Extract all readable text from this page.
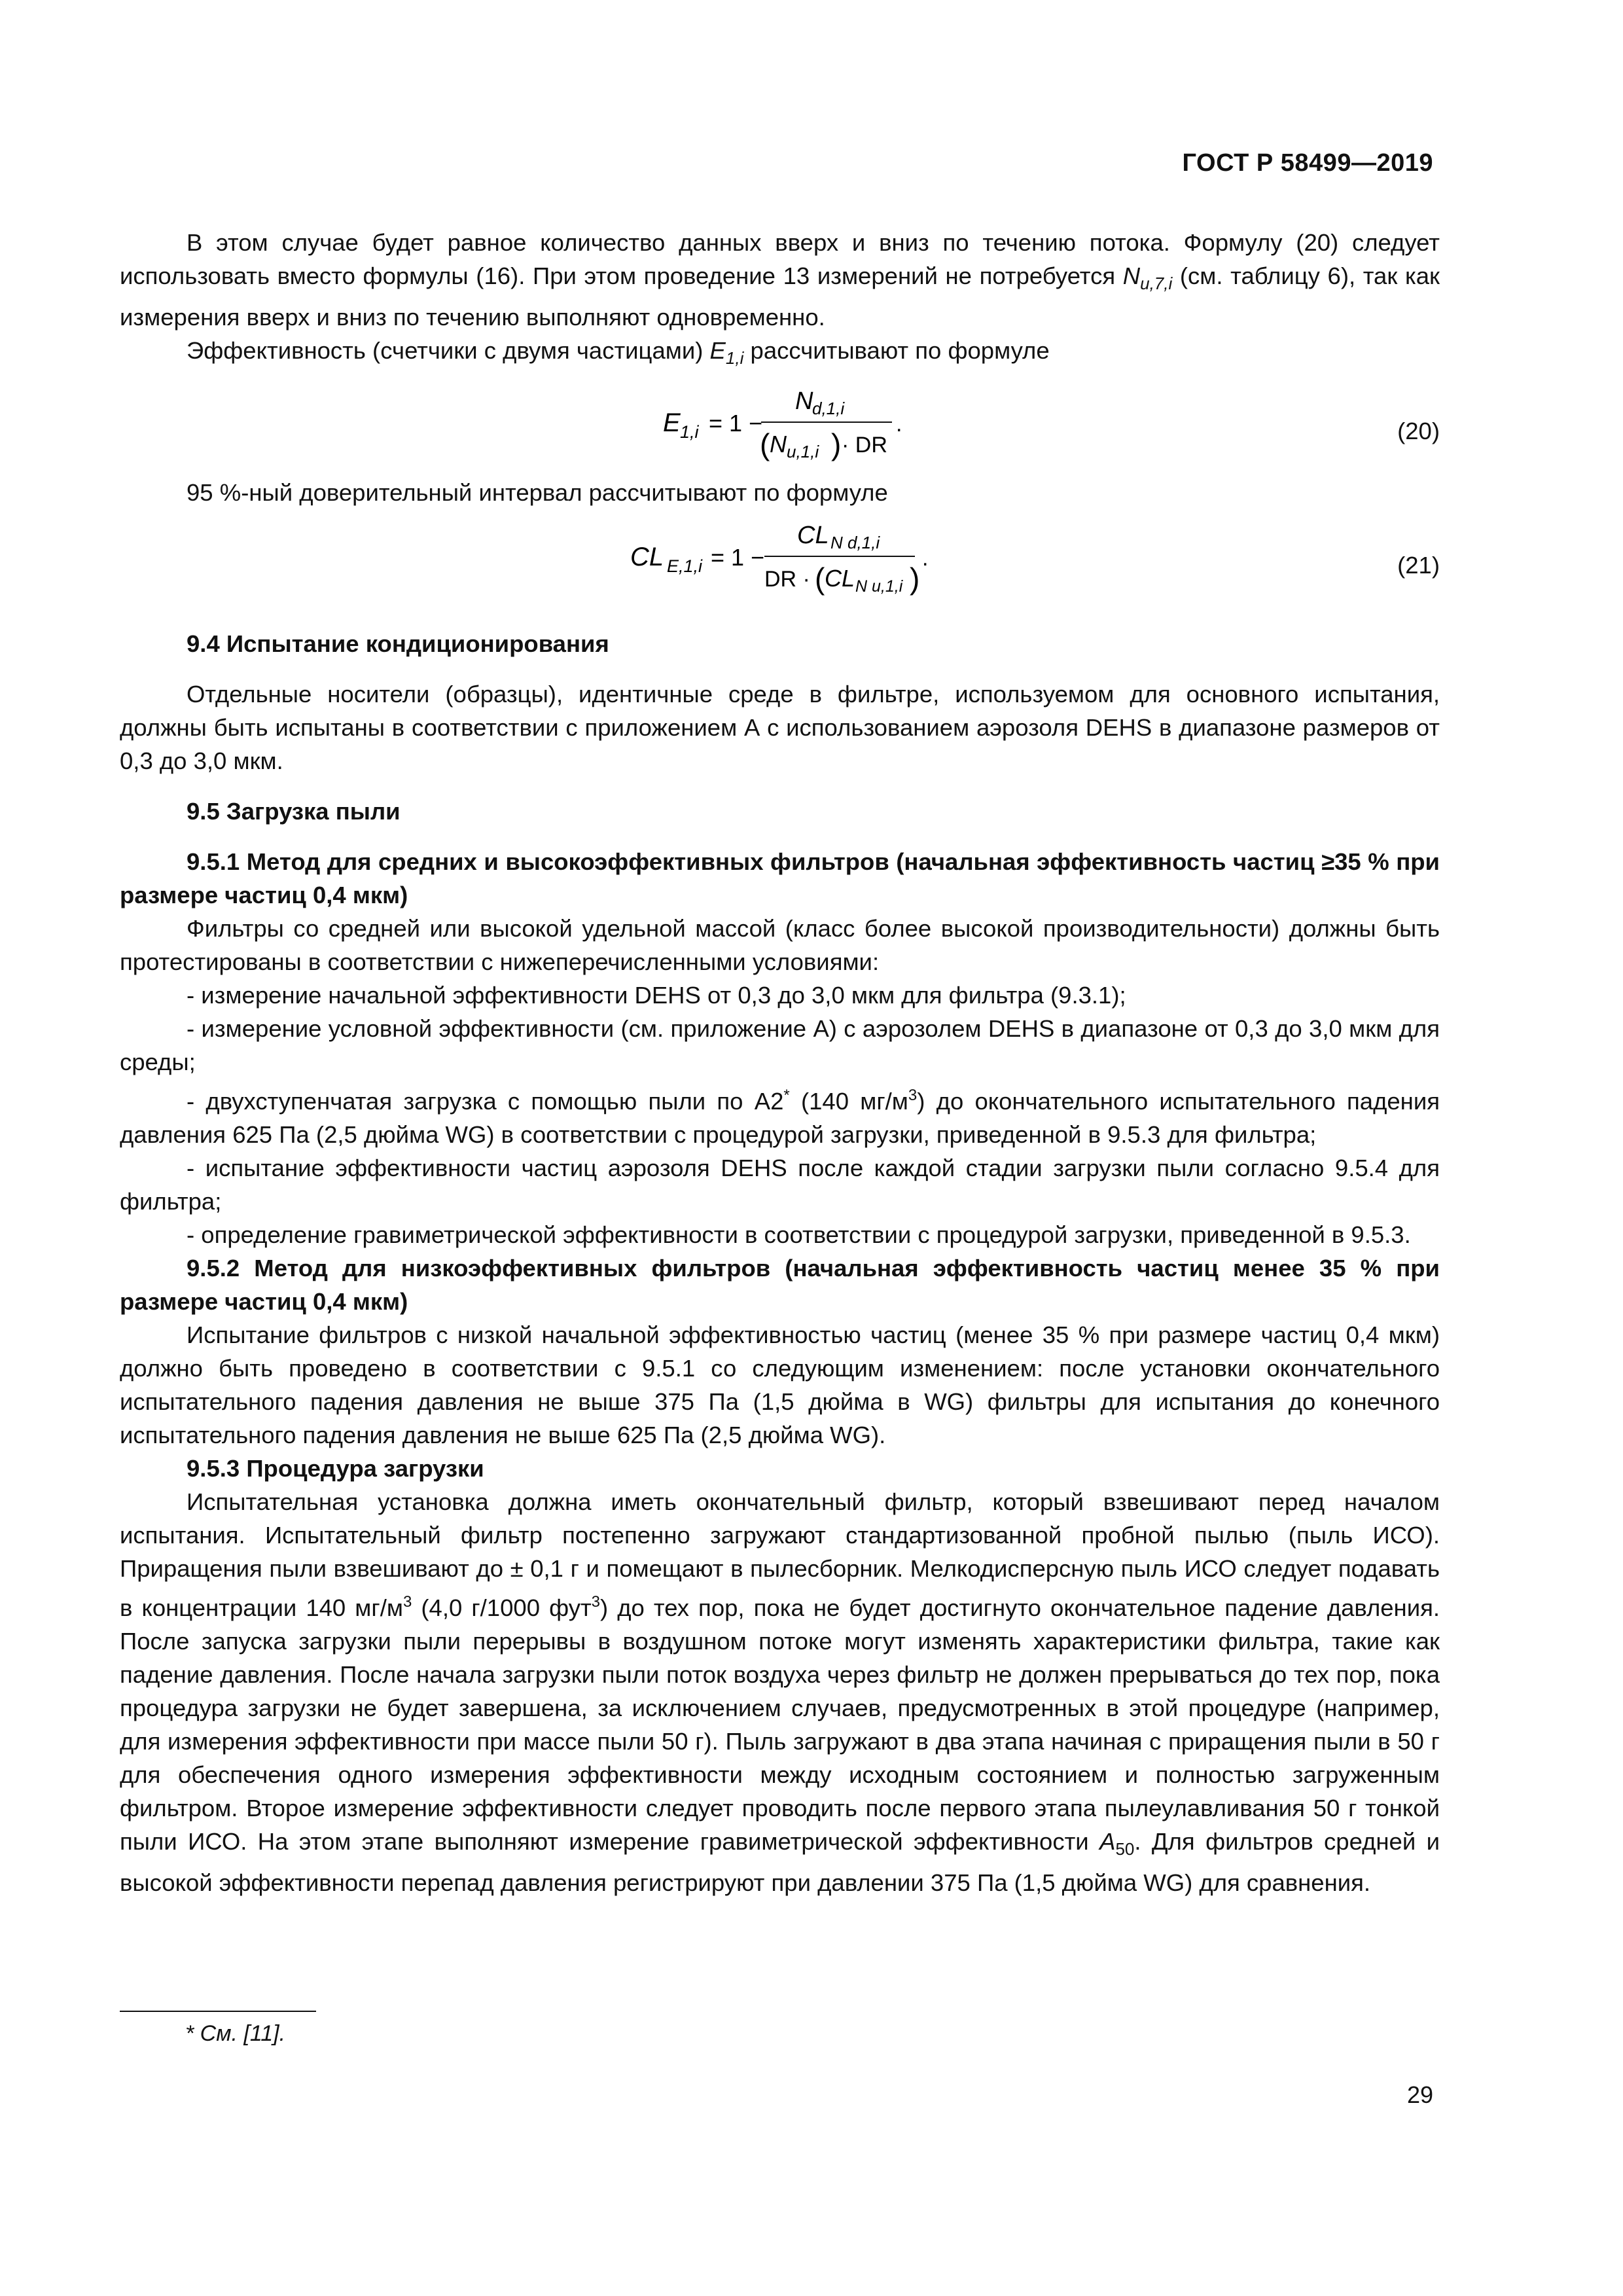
ГОСТ Р 58499—2019

В этом случае будет равное количество данных вверх и вниз по течению потока. Формулу (20) следует использовать вместо формулы (16). При этом проведение 13 измерений не потребуется $N_{u,7,i}$ (см. таблицу 6), так как измерения вверх и вниз по течению выполняют одновременно.

Эффективность (счетчики с двумя частицами) $E_{1,i}$ рассчитывают по формуле

E 1,i = 1 −
N
d,1,i
( N u,1,i ) · DR
.	(20)

95 %-ный доверительный интервал рассчитывают по формуле

CL E,1,i = 1 −
CL N d,1,i
DR · ( CL N u,1,i )
.	(21)

9.4 Испытание кондиционирования

Отдельные носители (образцы), идентичные среде в фильтре, используемом для основного испытания, должны быть испытаны в соответствии с приложением А с использованием аэрозоля DEHS в диапазоне размеров от 0,3 до 3,0 мкм.

9.5 Загрузка пыли

9.5.1 Метод для средних и высокоэффективных фильтров (начальная эффективность частиц ≥35 % при размере частиц 0,4 мкм)

Фильтры со средней или высокой удельной массой (класс более высокой производительности) должны быть протестированы в соответствии с нижеперечисленными условиями:

- измерение начальной эффективности DEHS от 0,3 до 3,0 мкм для фильтра (9.3.1);

- измерение условной эффективности (см. приложение А) с аэрозолем DEHS в диапазоне от 0,3 до 3,0 мкм для среды;

- двухступенчатая загрузка с помощью пыли по А2* (140 $мг/м^3$) до окончательного испытательного падения давления 625 Па (2,5 дюйма WG) в соответствии с процедурой загрузки, приведенной в 9.5.3 для фильтра;

- испытание эффективности частиц аэрозоля DEHS после каждой стадии загрузки пыли согласно 9.5.4 для фильтра;

- определение гравиметрической эффективности в соответствии с процедурой загрузки, приведенной в 9.5.3.

9.5.2 Метод для низкоэффективных фильтров (начальная эффективность частиц менее 35 % при размере частиц 0,4 мкм)

Испытание фильтров с низкой начальной эффективностью частиц (менее 35 % при размере частиц 0,4 мкм) должно быть проведено в соответствии с 9.5.1 со следующим изменением: после установки окончательного испытательного падения давления не выше 375 Па (1,5 дюйма в WG) фильтры для испытания до конечного испытательного падения давления не выше 625 Па (2,5 дюйма WG).

9.5.3 Процедура загрузки

Испытательная установка должна иметь окончательный фильтр, который взвешивают перед началом испытания. Испытательный фильтр постепенно загружают стандартизованной пробной пылью (пыль ИСО). Приращения пыли взвешивают до ± 0,1 г и помещают в пылесборник. Мелкодисперсную пыль ИСО следует подавать в концентрации 140 $мг/м^3$ (4,0 г/1000 фут$^3$) до тех пор, пока не будет достигнуто окончательное падение давления. После запуска загрузки пыли перерывы в воздушном потоке могут изменять характеристики фильтра, такие как падение давления. После начала загрузки пыли поток воздуха через фильтр не должен прерываться до тех пор, пока процедура загрузки не будет завершена, за исключением случаев, предусмотренных в этой процедуре (например, для измерения эффективности при массе пыли 50 г). Пыль загружают в два этапа начиная с приращения пыли в 50 г для обеспечения одного измерения эффективности между исходным состоянием и полностью загруженным фильтром. Второе измерение эффективности следует проводить после первого этапа пылеулавливания 50 г тонкой пыли ИСО. На этом этапе выполняют измерение гравиметрической эффективности $A_{50}$. Для фильтров средней и высокой эффективности перепад давления регистрируют при давлении 375 Па (1,5 дюйма WG) для сравнения.

* См. [11].
29
